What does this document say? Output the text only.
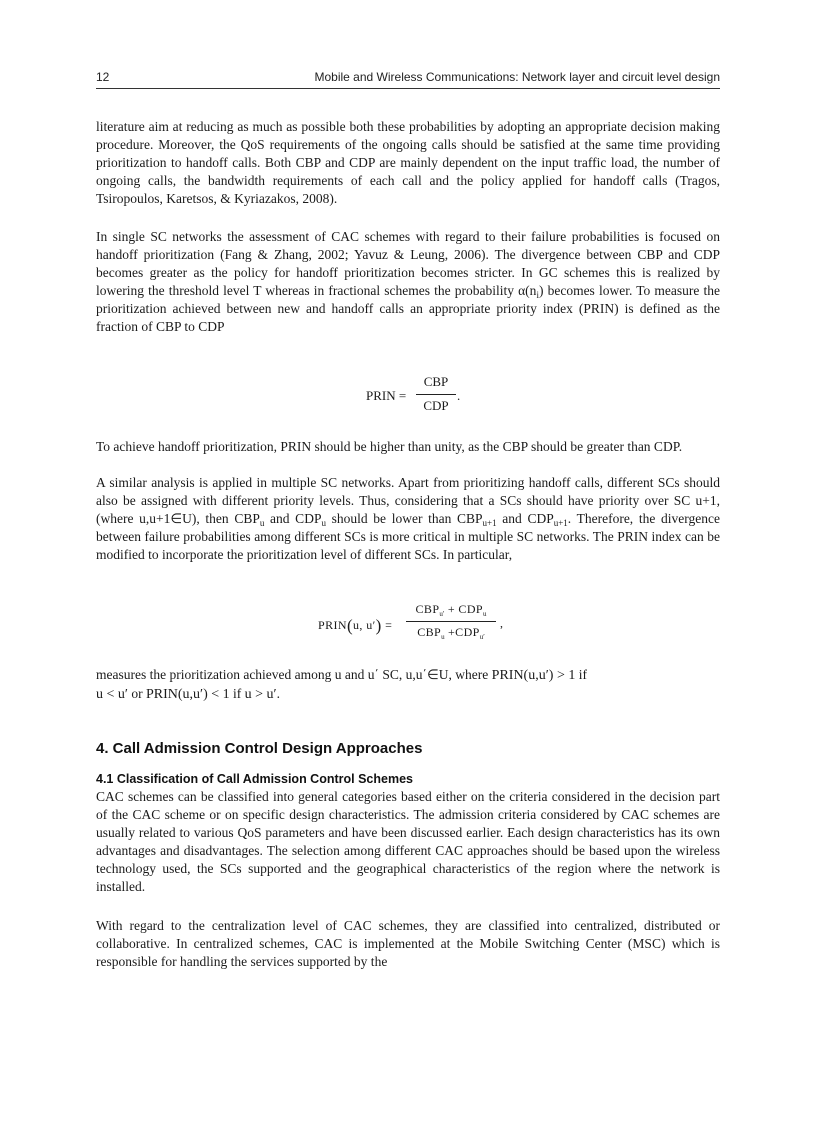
12	Mobile and Wireless Communications: Network layer and circuit level design

literature aim at reducing as much as possible both these probabilities by adopting an appropriate decision making procedure. Moreover, the QoS requirements of the ongoing calls should be satisfied at the same time providing prioritization to handoff calls. Both CBP and CDP are mainly dependent on the input traffic load, the number of ongoing calls, the bandwidth requirements of each call and the policy applied for handoff calls (Tragos, Tsiropoulos, Karetsos, & Kyriazakos, 2008).

In single SC networks the assessment of CAC schemes with regard to their failure probabilities is focused on handoff prioritization (Fang & Zhang, 2002; Yavuz & Leung, 2006). The divergence between CBP and CDP becomes greater as the policy for handoff prioritization becomes stricter. In GC schemes this is realized by lowering the threshold level T whereas in fractional schemes the probability $\alpha(n_i)$ becomes lower. To measure the prioritization achieved between new and handoff calls an appropriate priority index (PRIN) is defined as the fraction of CBP to CDP

PRIN =
CBP
CDP
.

To achieve handoff prioritization, PRIN should be higher than unity, as the CBP should be greater than CDP.

A similar analysis is applied in multiple SC networks. Apart from prioritizing handoff calls, different SCs should also be assigned with different priority levels. Thus, considering that a SCs should have priority over SC u+1, (where u,u+1∈U), then $CBP_u$ and $CDP_u$ should be lower than $CBP_{u+1}$ and $CDP_{u+1}$. Therefore, the divergence between failure probabilities among different SCs is more critical in multiple SC networks. The PRIN index can be modified to incorporate the prioritization level of different SCs. In particular,

PRIN(u, u′) =
$CBP_{u'} + CDP_u$
$CBP_u +CDP_{u'}$
,

measures the prioritization achieved among u and u΄ SC, u,u΄∈U, where PRIN(u,u′) > 1 if
u < u′ or PRIN(u,u′) < 1 if u > u′.

4. Call Admission Control Design Approaches
4.1 Classification of Call Admission Control Schemes

CAC schemes can be classified into general categories based either on the criteria considered in the decision part of the CAC scheme or on specific design characteristics. The admission criteria considered by CAC schemes are usually related to various QoS parameters and have been discussed earlier. Each design characteristics has its own advantages and disadvantages. The selection among different CAC approaches should be based upon the wireless technology used, the SCs supported and the geographical characteristics of the region where the network is installed.

With regard to the centralization level of CAC schemes, they are classified into centralized, distributed or collaborative. In centralized schemes, CAC is implemented at the Mobile Switching Center (MSC) which is responsible for handling the services supported by the
